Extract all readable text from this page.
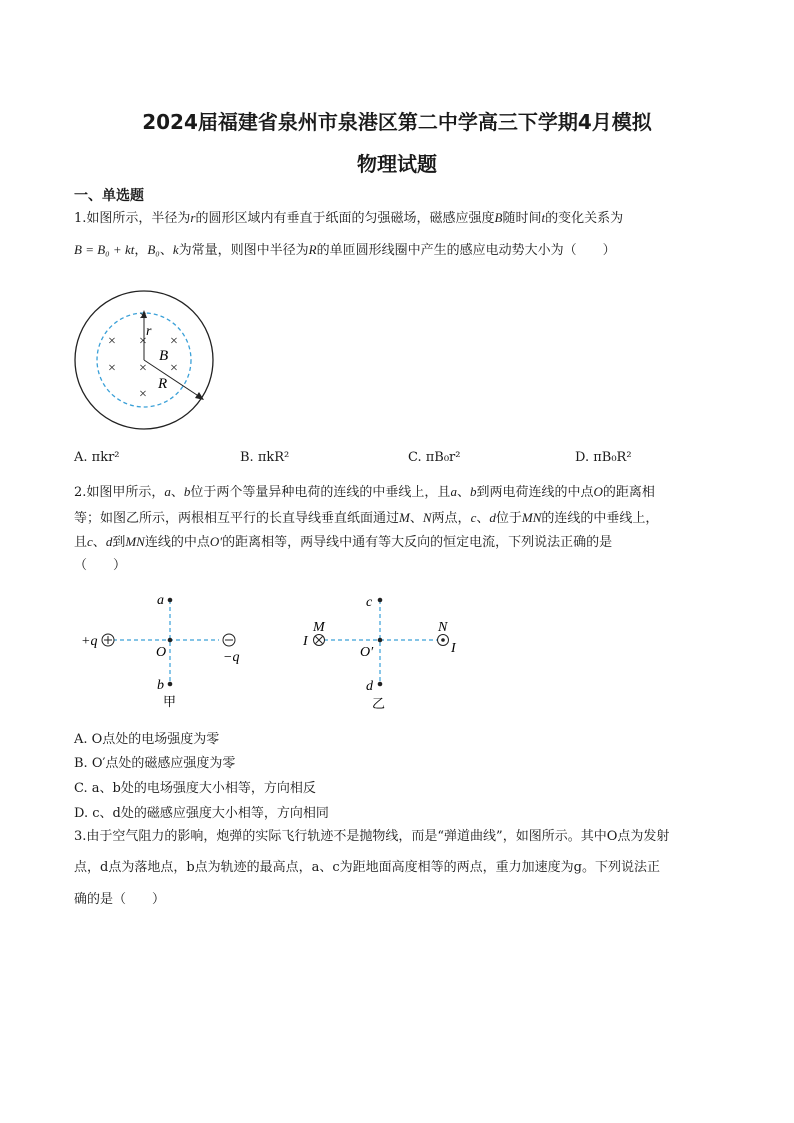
2024届福建省泉州市泉港区第二中学高三下学期4月模拟
物理试题
一、单选题
1.如图所示，半径为r的圆形区域内有垂直于纸面的匀强磁场，磁感应强度B随时间t的变化关系为
B = B₀ + kt，B₀、k为常量，则图中半径为R的单匝圆形线圈中产生的感应电动势大小为（　　）
r
B
R
×
× × ×
× × ×
×
A. πkr²	B. πkR²	C. πB₀r²	D. πB₀R²
2.如图甲所示，a、b位于两个等量异种电荷的连线的中垂线上，且a、b到两电荷连线的中点O的距离相
等；如图乙所示，两根相互平行的长直导线垂直纸面通过M、N两点，c、d位于MN的连线的中垂线上，
且c、d到MN连线的中点O′的距离相等，两导线中通有等大反向的恒定电流，下列说法正确的是
（　　）
a
O
b
+q
−q
甲
c
O′
d
M	N
I	I
乙
A. O点处的电场强度为零
B. O′点处的磁感应强度为零
C. a、b处的电场强度大小相等，方向相反
D. c、d处的磁感应强度大小相等，方向相同
3.由于空气阻力的影响，炮弹的实际飞行轨迹不是抛物线，而是“弹道曲线”，如图所示。其中O点为发射
点，d点为落地点，b点为轨迹的最高点，a、c为距地面高度相等的两点，重力加速度为g。下列说法正
确的是（　　）
